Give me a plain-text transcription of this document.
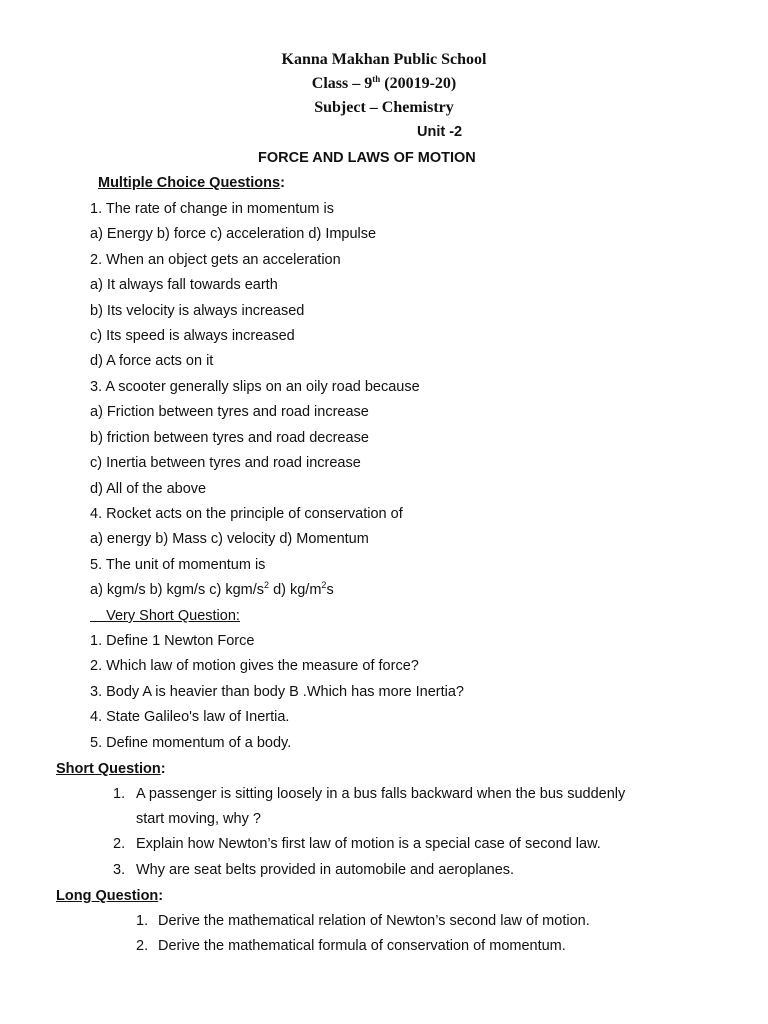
Kanna Makhan Public School
Class – 9th (20019-20)
Subject – Chemistry
Unit -2
FORCE AND LAWS OF MOTION
Multiple Choice Questions:
1. The rate of change in momentum is
a) Energy b) force c) acceleration d) Impulse
2. When an object gets an acceleration
a) It always fall towards earth
b) Its velocity is always increased
c) Its speed is always increased
d) A force acts on it
3. A scooter generally slips on an oily road because
a) Friction between tyres and road increase
b) friction between tyres and road decrease
c) Inertia between tyres and road increase
d) All of the above
4. Rocket acts on the principle of conservation of
a) energy b) Mass c) velocity d) Momentum
5. The unit of momentum is
a) kgm/s b) kgm/s c) kgm/$s^2$ d) $kg/m^2s$
Very Short Question:
1. Define 1 Newton Force
2. Which law of motion gives the measure of force?
3. Body A is heavier than body B .Which has more Inertia?
4. State Galileo's law of Inertia.
5. Define momentum of a body.
Short Question:
1. A passenger is sitting loosely in a bus falls backward when the bus suddenly
start moving, why ?
2. Explain how Newton’s first law of motion is a special case of second law.
3. Why are seat belts provided in automobile and aeroplanes.
Long Question:
1. Derive the mathematical relation of Newton’s second law of motion.
2. Derive the mathematical formula of conservation of momentum.
